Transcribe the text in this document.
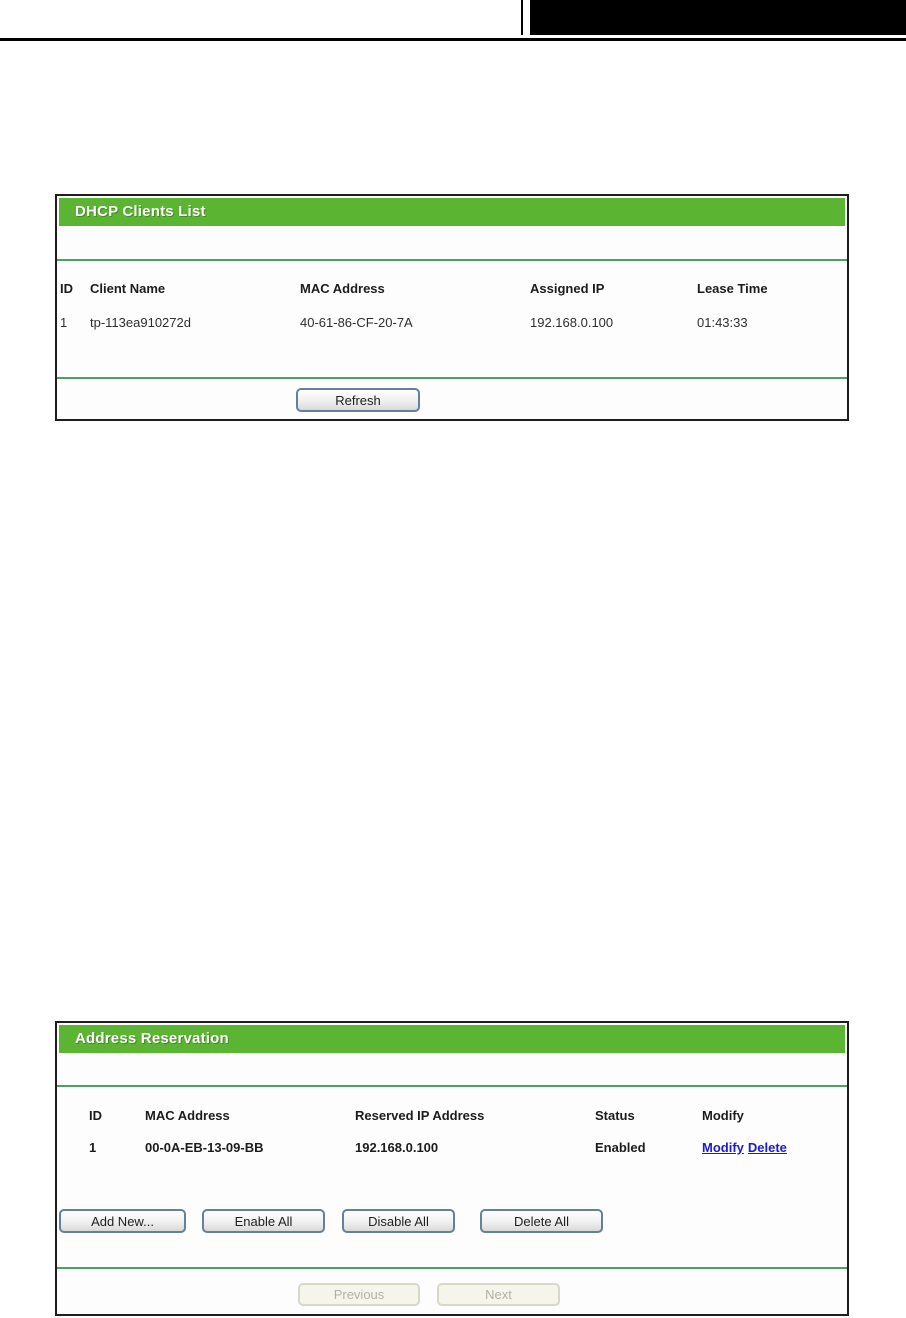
DHCP Clients List
ID Client Name	MAC Address	Assigned IP	Lease Time
1 tp-113ea910272d	40-61-86-CF-20-7A	192.168.0.100	01:43:33
Refresh
Address Reservation
ID	MAC Address	Reserved IP Address	Status	Modify
1	00-0A-EB-13-09-BB	192.168.0.100	Enabled	Modify Delete
Add New...	Enable All	Disable All	Delete All
Previous	Next
